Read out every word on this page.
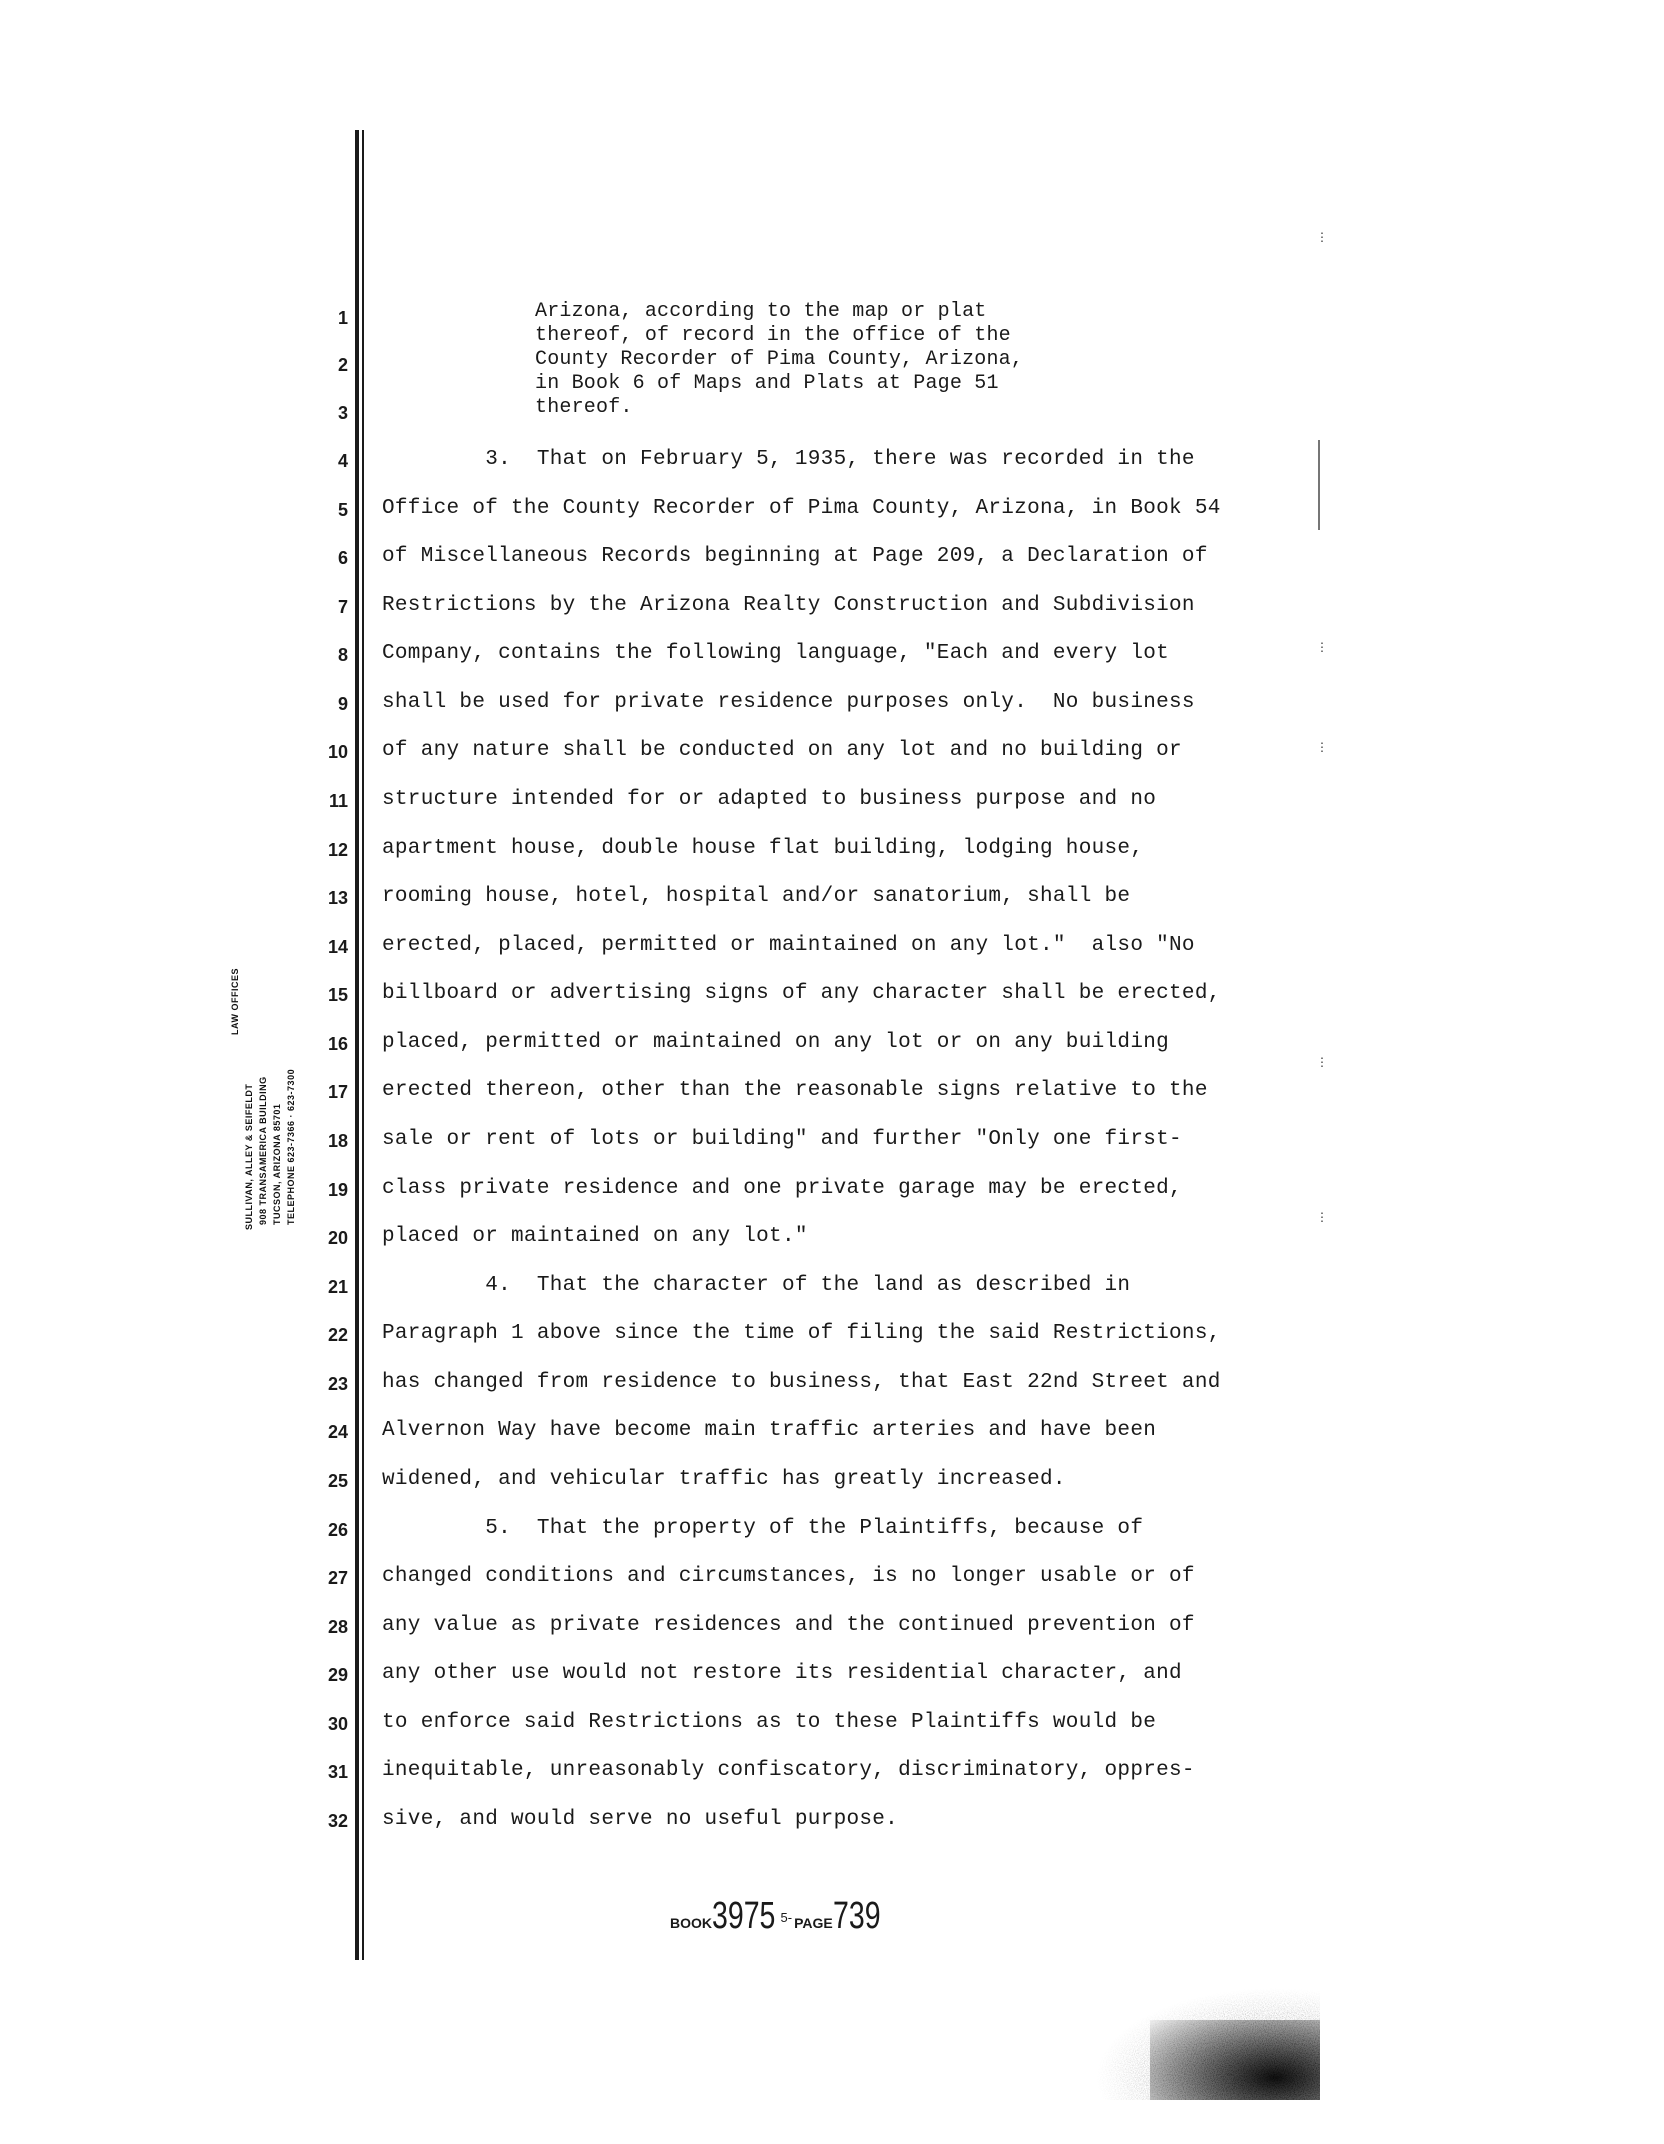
LAW OFFICES
SULLIVAN, ALLEY & SEIFELDT 908 TRANSAMERICA BUILDING TUCSON, ARIZONA 85701 TELEPHONE 623-7366 · 623-7300
⋮
⋮
⋮
⋮
⋮
1
2
3
4
5
6
7
8
9
10
11
12
13
14
15
16
17
18
19
20
21
22
23
24
25
26
27
28
29
30
31
32
Arizona, according to the map or plat
thereof, of record in the office of the
County Recorder of Pima County, Arizona,
in Book 6 of Maps and Plats at Page 51
thereof.
3.  That on February 5, 1935, there was recorded in the
Office of the County Recorder of Pima County, Arizona, in Book 54
of Miscellaneous Records beginning at Page 209, a Declaration of
Restrictions by the Arizona Realty Construction and Subdivision
Company, contains the following language, "Each and every lot
shall be used for private residence purposes only.  No business
of any nature shall be conducted on any lot and no building or
structure intended for or adapted to business purpose and no
apartment house, double house flat building, lodging house,
rooming house, hotel, hospital and/or sanatorium, shall be
erected, placed, permitted or maintained on any lot."  also "No
billboard or advertising signs of any character shall be erected,
placed, permitted or maintained on any lot or on any building
erected thereon, other than the reasonable signs relative to the
sale or rent of lots or building" and further "Only one first-
class private residence and one private garage may be erected,
placed or maintained on any lot."
4.  That the character of the land as described in
Paragraph 1 above since the time of filing the said Restrictions,
has changed from residence to business, that East 22nd Street and
Alvernon Way have become main traffic arteries and have been
widened, and vehicular traffic has greatly increased.
5.  That the property of the Plaintiffs, because of
changed conditions and circumstances, is no longer usable or of
any value as private residences and the continued prevention of
any other use would not restore its residential character, and
to enforce said Restrictions as to these Plaintiffs would be
inequitable, unreasonably confiscatory, discriminatory, oppres-
sive, and would serve no useful purpose.
BOOK3975 $^{5-}$ PAGE739
